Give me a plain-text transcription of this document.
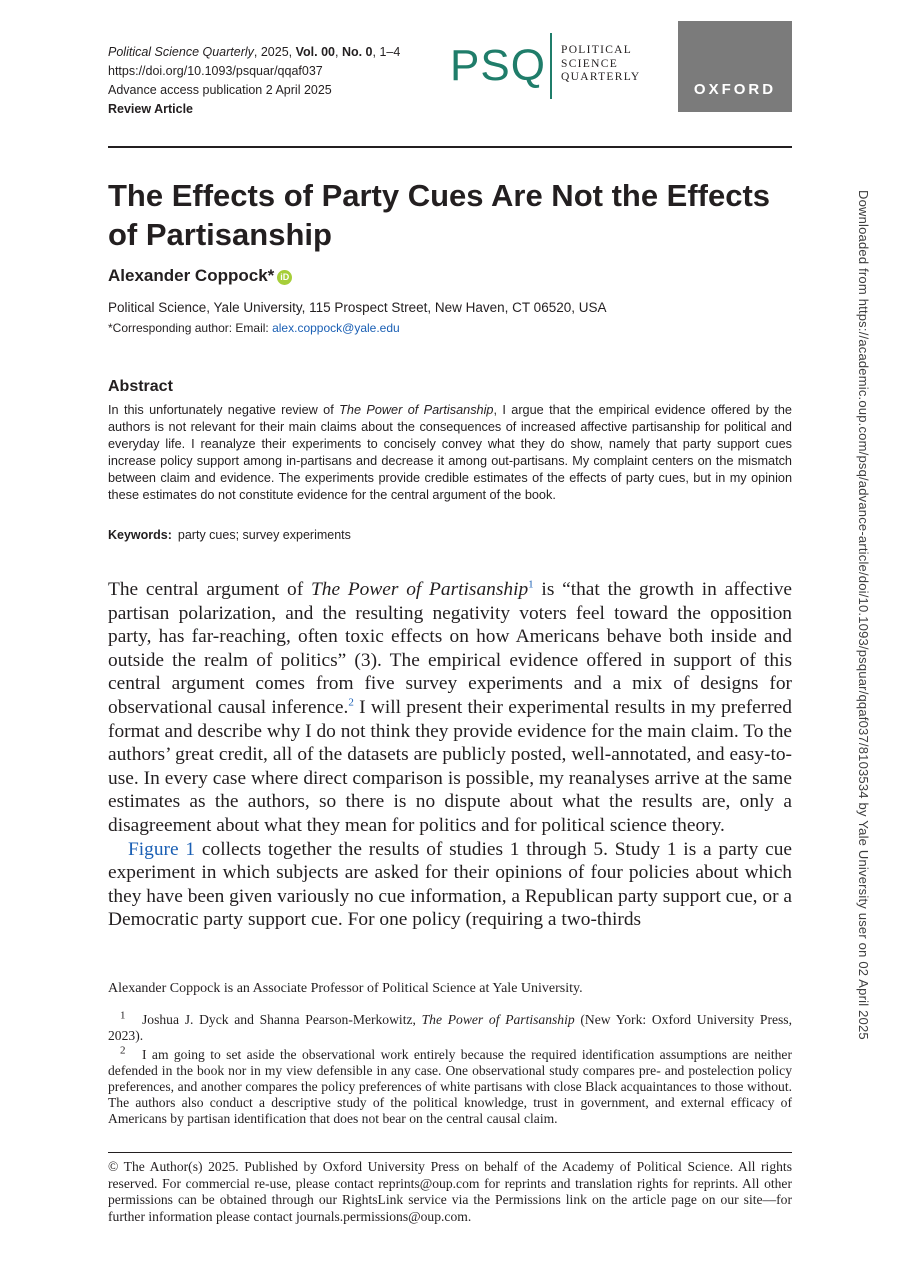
Political Science Quarterly, 2025, Vol. 00, No. 0, 1–4
https://doi.org/10.1093/psquar/qqaf037
Advance access publication 2 April 2025
Review Article
PSQ POLITICAL
SCIENCE
QUARTERLY
OXFORD
The Effects of Party Cues Are Not the Effects of Partisanship
Alexander Coppock* iD
Political Science, Yale University, 115 Prospect Street, New Haven, CT 06520, USA
*Corresponding author: Email: alex.coppock@yale.edu
Abstract
In this unfortunately negative review of The Power of Partisanship, I argue that the empirical evidence offered by the authors is not relevant for their main claims about the consequences of increased affective partisanship for political and everyday life. I reanalyze their experiments to concisely convey what they do show, namely that party support cues increase policy support among in-partisans and decrease it among out-partisans. My complaint centers on the mismatch between claim and evidence. The experiments provide credible estimates of the effects of party cues, but in my opinion these estimates do not constitute evidence for the central argument of the book.
Keywords: party cues; survey experiments

The central argument of The Power of Partisanship$^1$ is “that the growth in affective partisan polarization, and the resulting negativity voters feel toward the opposition party, has far-reaching, often toxic effects on how Americans behave both inside and outside the realm of politics” (3). The empirical evidence offered in support of this central argument comes from five survey experiments and a mix of designs for observational causal inference.$^2$ I will present their experimental results in my preferred format and describe why I do not think they provide evidence for the main claim. To the authors’ great credit, all of the datasets are publicly posted, well-annotated, and easy-to-use. In every case where direct comparison is possible, my reanalyses arrive at the same estimates as the authors, so there is no dispute about what the results are, only a disagreement about what they mean for politics and for political science theory.

Figure 1 collects together the results of studies 1 through 5. Study 1 is a party cue experiment in which subjects are asked for their opinions of four policies about which they have been given variously no cue information, a Republican party support cue, or a Democratic party support cue. For one policy (requiring a two-thirds

Alexander Coppock is an Associate Professor of Political Science at Yale University.
$^1$ Joshua J. Dyck and Shanna Pearson-Merkowitz, The Power of Partisanship (New York: Oxford University Press, 2023).
$^2$ I am going to set aside the observational work entirely because the required identification assumptions are neither defended in the book nor in my view defensible in any case. One observational study compares pre- and postelection policy preferences, and another compares the policy preferences of white partisans with close Black acquaintances to those without. The authors also conduct a descriptive study of the political knowledge, trust in government, and external efficacy of Americans by partisan identification that does not bear on the central causal claim.
© The Author(s) 2025. Published by Oxford University Press on behalf of the Academy of Political Science. All rights reserved. For commercial re-use, please contact reprints@oup.com for reprints and translation rights for reprints. All other permissions can be obtained through our RightsLink service via the Permissions link on the article page on our site—for further information please contact journals.permissions@oup.com.
Downloaded from https://academic.oup.com/psq/advance-article/doi/10.1093/psquar/qqaf037/8103534 by Yale University user on 02 April 2025
